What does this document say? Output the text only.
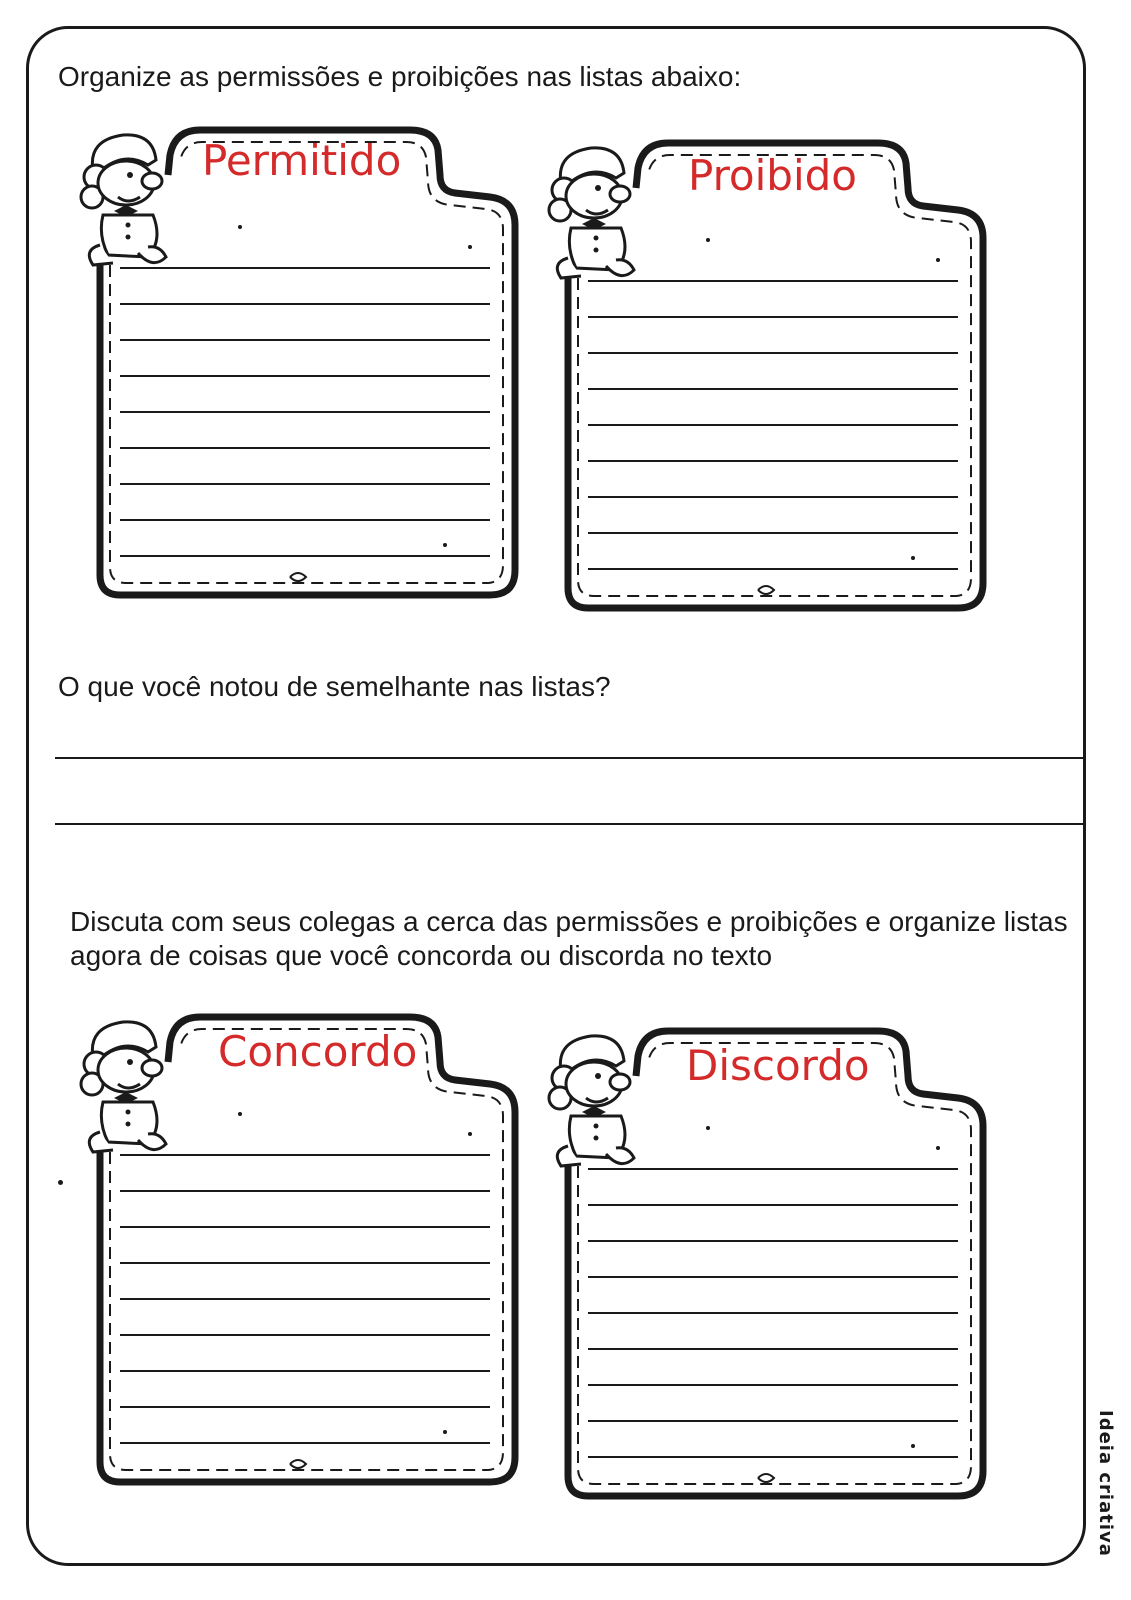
Organize as permissões e proibições nas listas abaixo:

Permitido	Proibido

O que você notou de semelhante nas listas?

Discuta com seus colegas a cerca das permissões e proibições e organize listas agora de coisas que você concorda ou discorda no texto

Concordo	Discordo
Ideia criativa
